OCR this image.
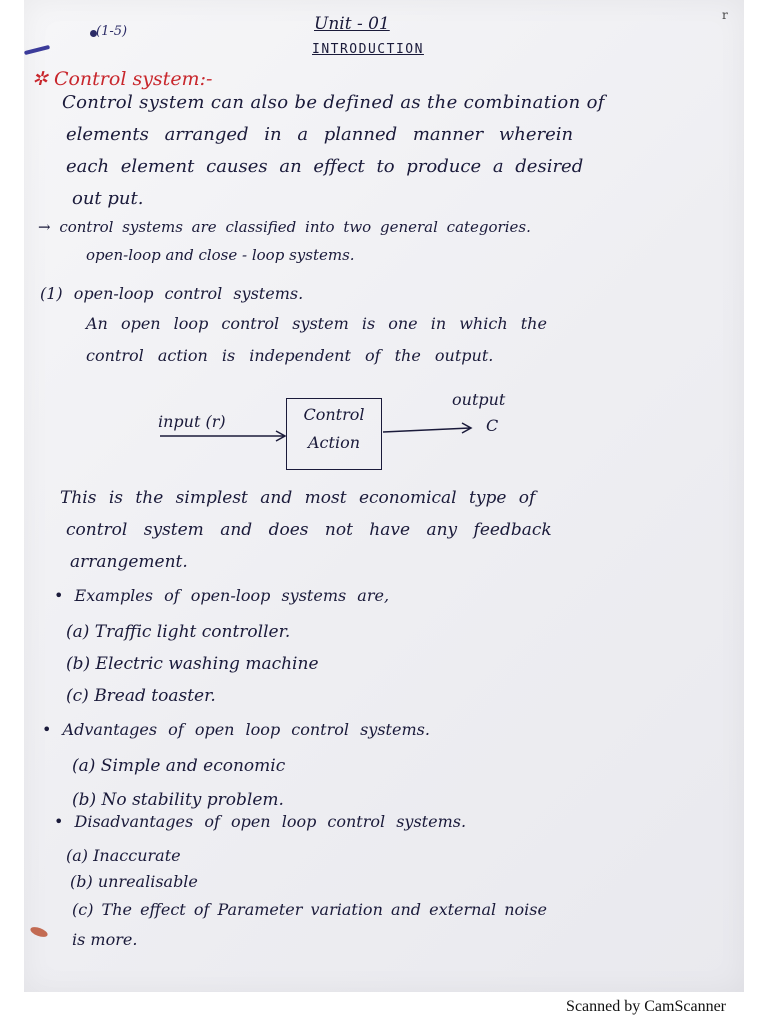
r
(1-5)	Unit - 01
INTRODUCTION
✲ Control system:-
Control system can also be defined as the combination of
elements arranged in a planned manner wherein
each element causes an effect to produce a desired
out put.
→ control systems are classified into two general categories.
open-loop and close - loop systems.
(1) open-loop control systems.
An open loop control system is one in which the
control action is independent of the output.
input (r)	Control
Action
output
C
This is the simplest and most economical type of
control system and does not have any feedback
arrangement.
• Examples of open-loop systems are,
(a) Traffic light controller.
(b) Electric washing machine
(c) Bread toaster.
• Advantages of open loop control systems.
(a) Simple and economic
(b) No stability problem.
• Disadvantages of open loop control systems.
(a) Inaccurate
(b) unrealisable
(c) The effect of Parameter variation and external noise
is more.
Scanned by CamScanner
